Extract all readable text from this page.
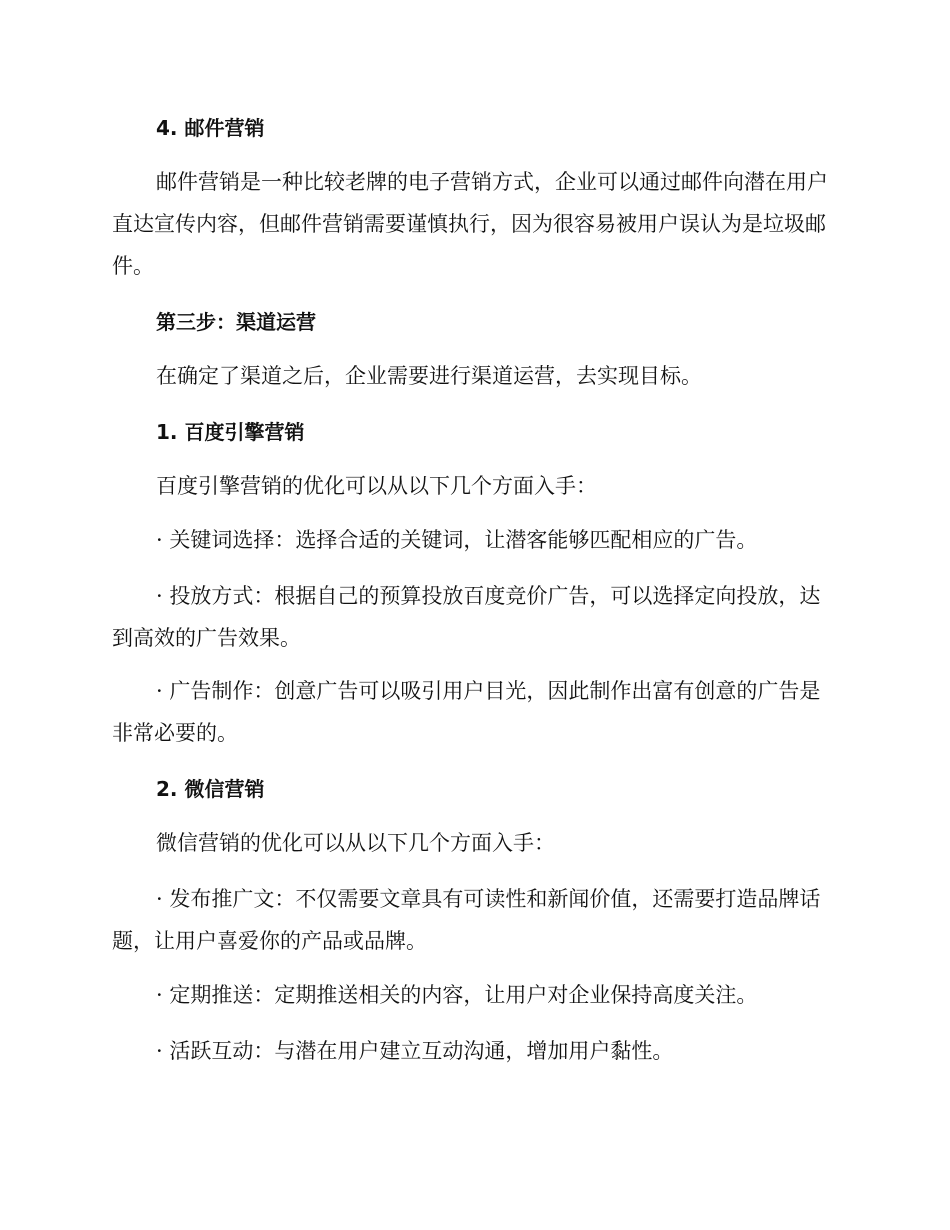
4. 邮件营销

邮件营销是一种比较老牌的电子营销方式，企业可以通过邮件向潜在用户直达宣传内容，但邮件营销需要谨慎执行，因为很容易被用户误认为是垃圾邮件。

第三步：渠道运营

在确定了渠道之后，企业需要进行渠道运营，去实现目标。

1. 百度引擎营销

百度引擎营销的优化可以从以下几个方面入手：

· 关键词选择：选择合适的关键词，让潜客能够匹配相应的广告。

· 投放方式：根据自己的预算投放百度竞价广告，可以选择定向投放，达到高效的广告效果。

· 广告制作：创意广告可以吸引用户目光，因此制作出富有创意的广告是非常必要的。

2. 微信营销

微信营销的优化可以从以下几个方面入手：

· 发布推广文：不仅需要文章具有可读性和新闻价值，还需要打造品牌话题，让用户喜爱你的产品或品牌。

· 定期推送：定期推送相关的内容，让用户对企业保持高度关注。

· 活跃互动：与潜在用户建立互动沟通，增加用户黏性。
